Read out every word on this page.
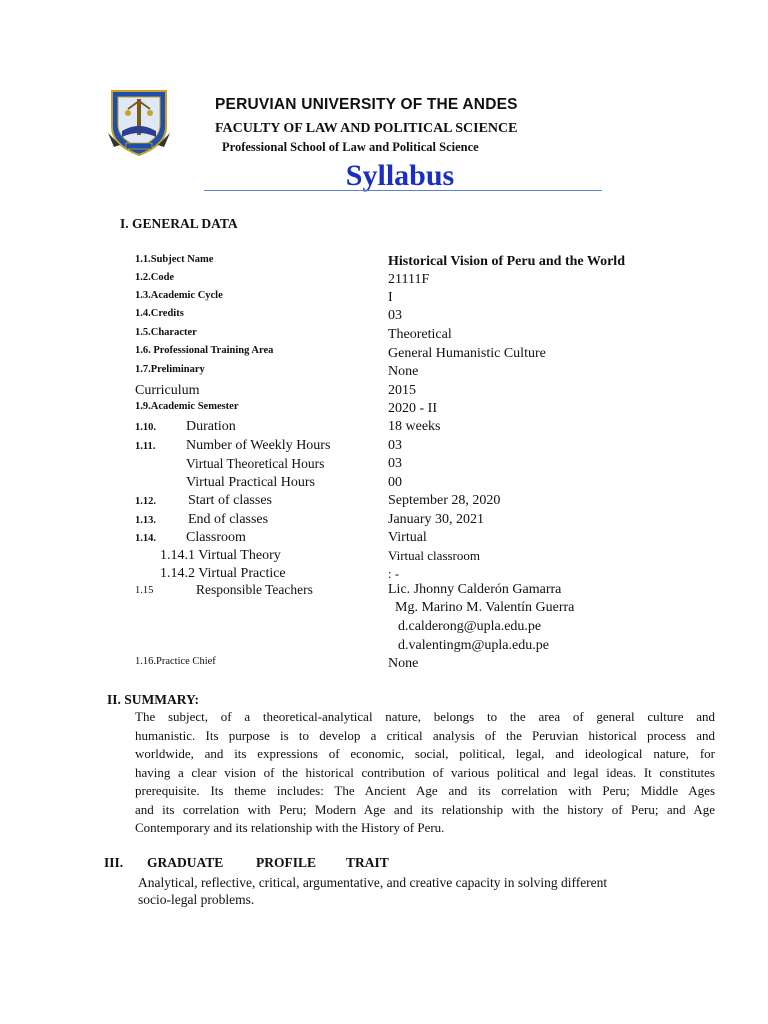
PERUVIAN UNIVERSITY OF THE ANDES
FACULTY OF LAW AND POLITICAL SCIENCE
Professional School of Law and Political Science
Syllabus
I. GENERAL DATA
1.1.Subject Name	Historical Vision of Peru and the World
1.2.Code	21111F
1.3.Academic Cycle	I
1.4.Credits	03
1.5.Character	Theoretical
1.6. Professional Training Area	General Humanistic Culture
1.7.Preliminary	None
Curriculum	2015
1.9.Academic Semester	2020 - II
1.10. Duration	18 weeks
1.11. Number of Weekly Hours	03
Virtual Theoretical Hours	03
Virtual Practical Hours	00
1.12. Start of classes	September 28, 2020
1.13. End of classes	January 30, 2021
1.14. Classroom	Virtual
1.14.1 Virtual Theory	Virtual classroom
1.14.2 Virtual Practice	: -
1.15	Responsible Teachers	Lic. Jhonny Calderón Gamarra
Mg. Marino M. Valentín Guerra
d.calderong@upla.edu.pe
d.valentingm@upla.edu.pe
1.16.Practice Chief	None
II. SUMMARY:
The subject, of a theoretical-analytical nature, belongs to the area of general culture and
humanistic. Its purpose is to develop a critical analysis of the Peruvian historical process and
worldwide, and its expressions of economic, social, political, legal, and ideological nature, for
having a clear vision of the historical contribution of various political and legal ideas. It constitutes
prerequisite. Its theme includes: The Ancient Age and its correlation with Peru; Middle Ages
and its correlation with Peru; Modern Age and its relationship with the history of Peru; and Age
Contemporary and its relationship with the History of Peru.
III. GRADUATE PROFILE TRAIT
Analytical, reflective, critical, argumentative, and creative capacity in solving different
socio-legal problems.
